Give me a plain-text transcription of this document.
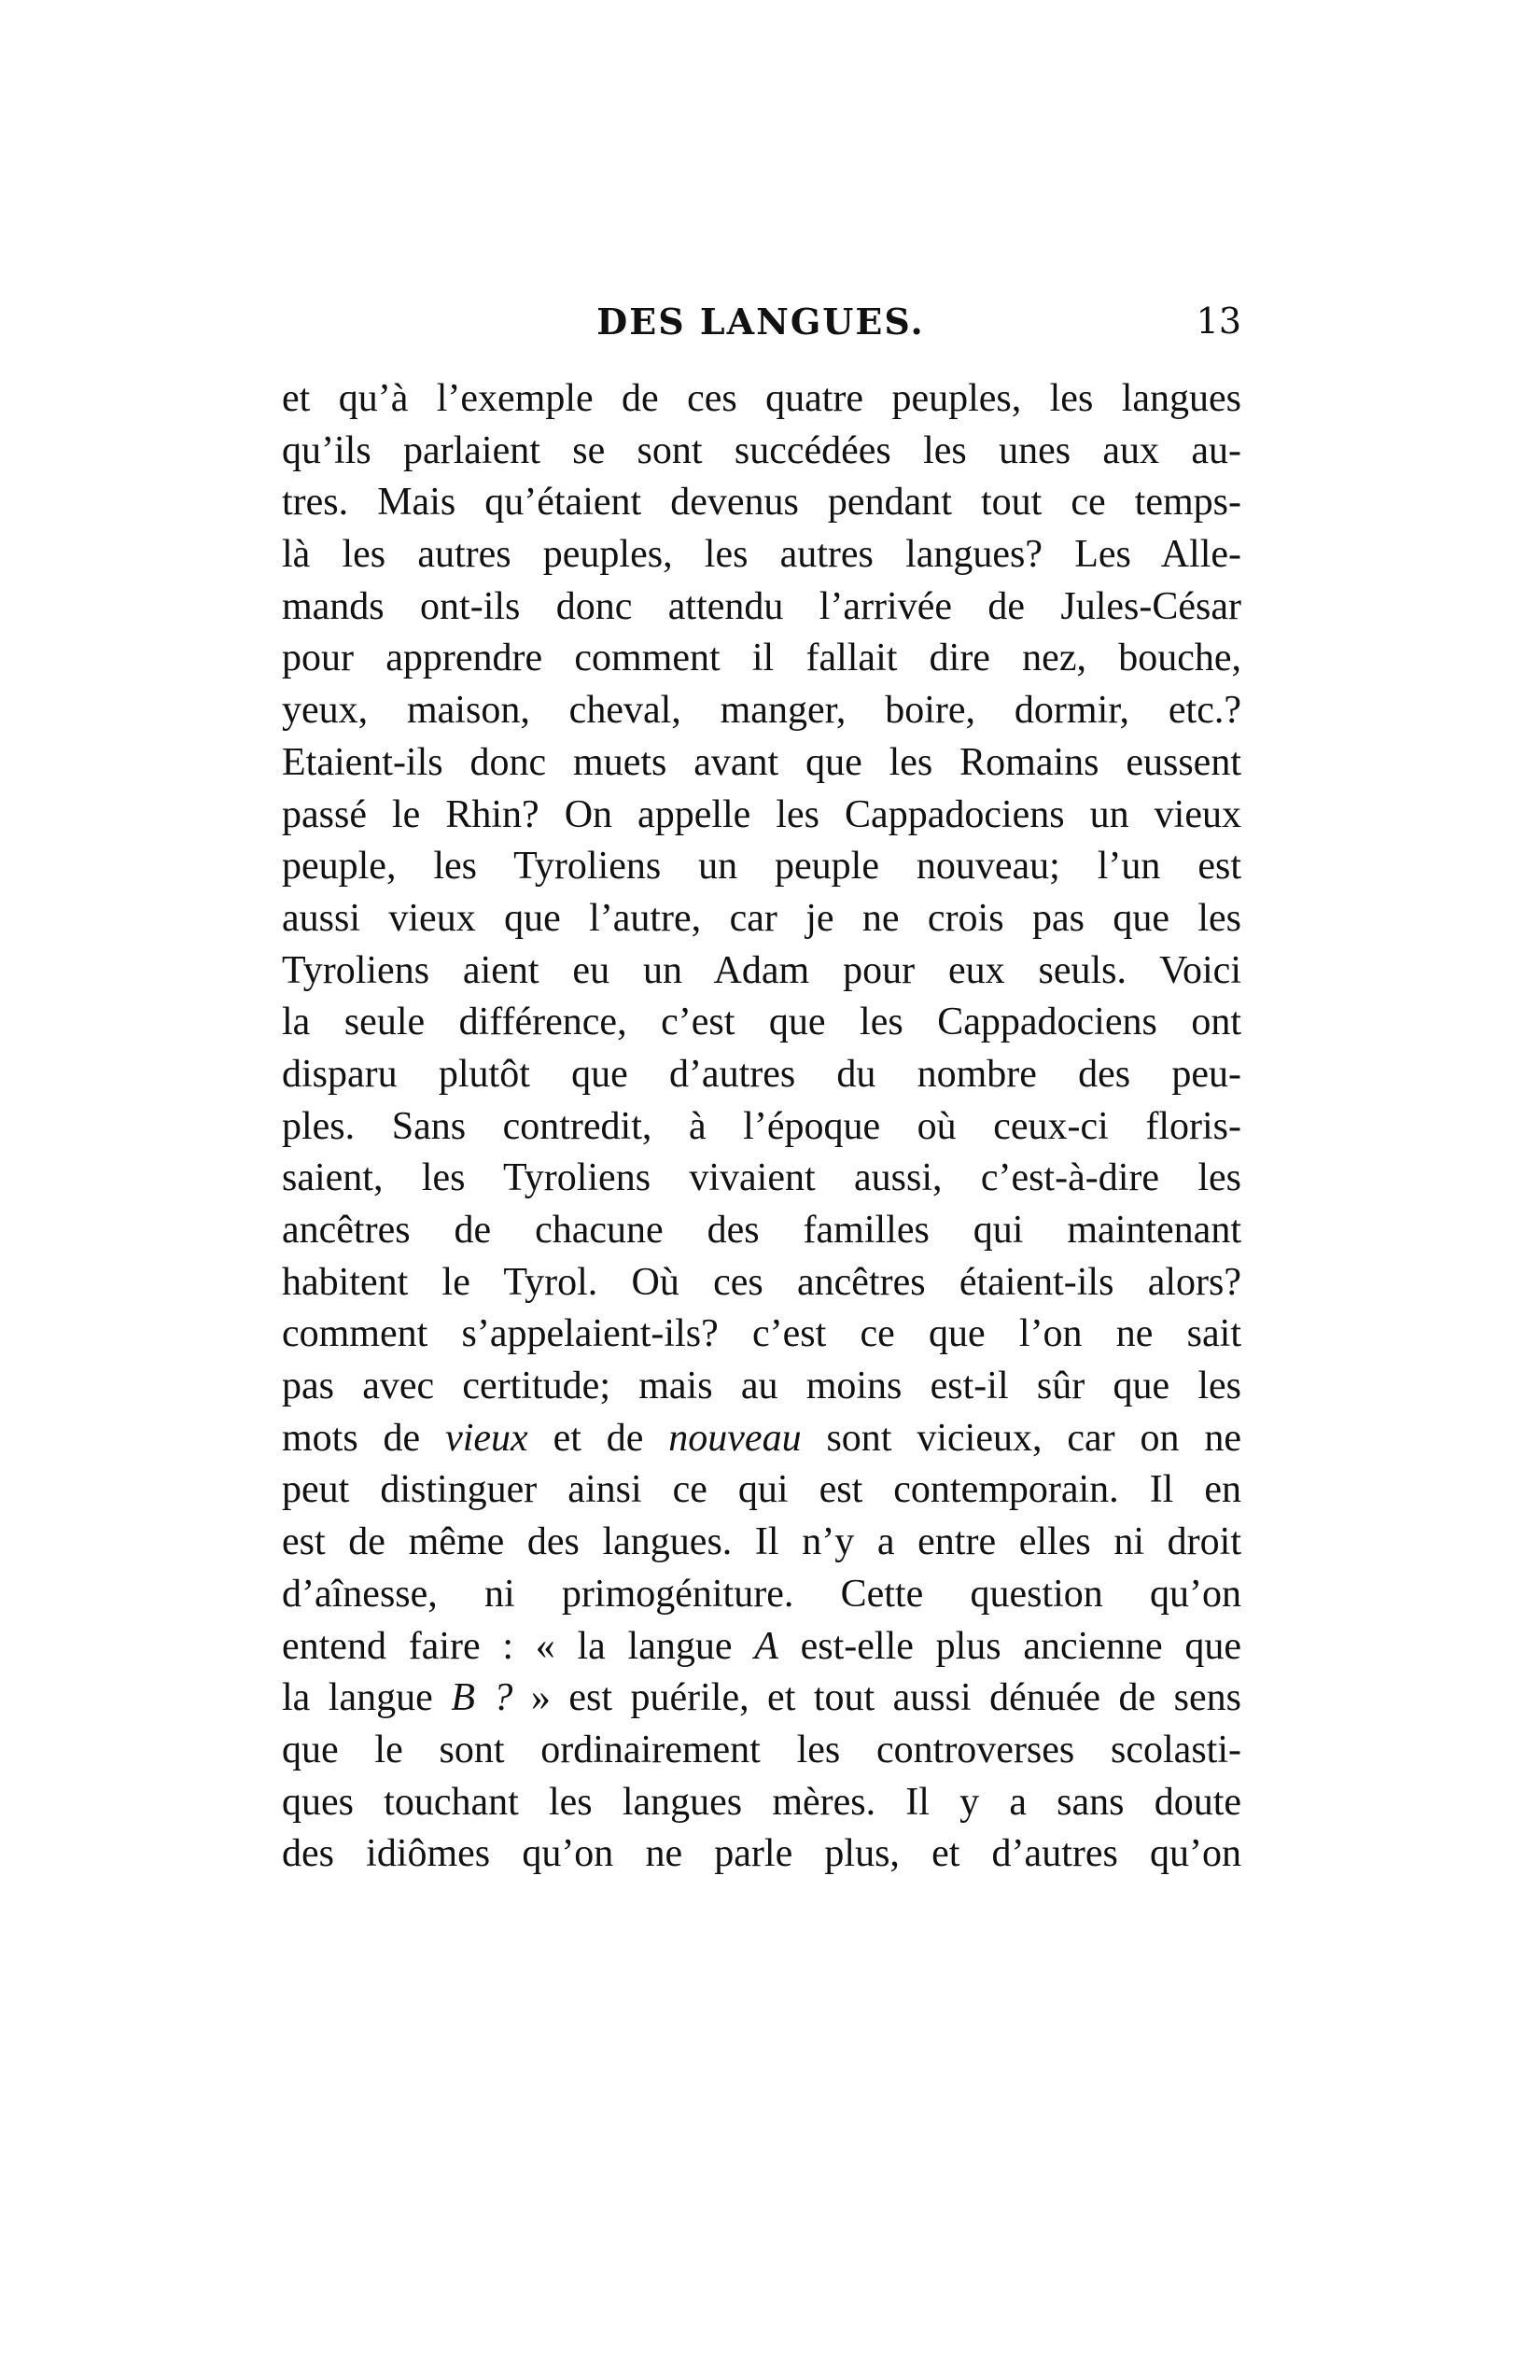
DES LANGUES.	13
et qu’à l’exemple de ces quatre peuples, les langues
qu’ils parlaient se sont succédées les unes aux au-
tres. Mais qu’étaient devenus pendant tout ce temps-
là les autres peuples, les autres langues? Les Alle-
mands ont-ils donc attendu l’arrivée de Jules-César
pour apprendre comment il fallait dire nez, bouche,
yeux, maison, cheval, manger, boire, dormir, etc.?
Etaient-ils donc muets avant que les Romains eussent
passé le Rhin? On appelle les Cappadociens un vieux
peuple, les Tyroliens un peuple nouveau; l’un est
aussi vieux que l’autre, car je ne crois pas que les
Tyroliens aient eu un Adam pour eux seuls. Voici
la seule différence, c’est que les Cappadociens ont
disparu plutôt que d’autres du nombre des peu-
ples. Sans contredit, à l’époque où ceux-ci floris-
saient, les Tyroliens vivaient aussi, c’est-à-dire les
ancêtres de chacune des familles qui maintenant
habitent le Tyrol. Où ces ancêtres étaient-ils alors?
comment s’appelaient-ils? c’est ce que l’on ne sait
pas avec certitude; mais au moins est-il sûr que les
mots de vieux et de nouveau sont vicieux, car on ne
peut distinguer ainsi ce qui est contemporain. Il en
est de même des langues. Il n’y a entre elles ni droit
d’aînesse, ni primogéniture. Cette question qu’on
entend faire : « la langue A est-elle plus ancienne que
la langue B ? » est puérile, et tout aussi dénuée de sens
que le sont ordinairement les controverses scolasti-
ques touchant les langues mères. Il y a sans doute
des idiômes qu’on ne parle plus, et d’autres qu’on
